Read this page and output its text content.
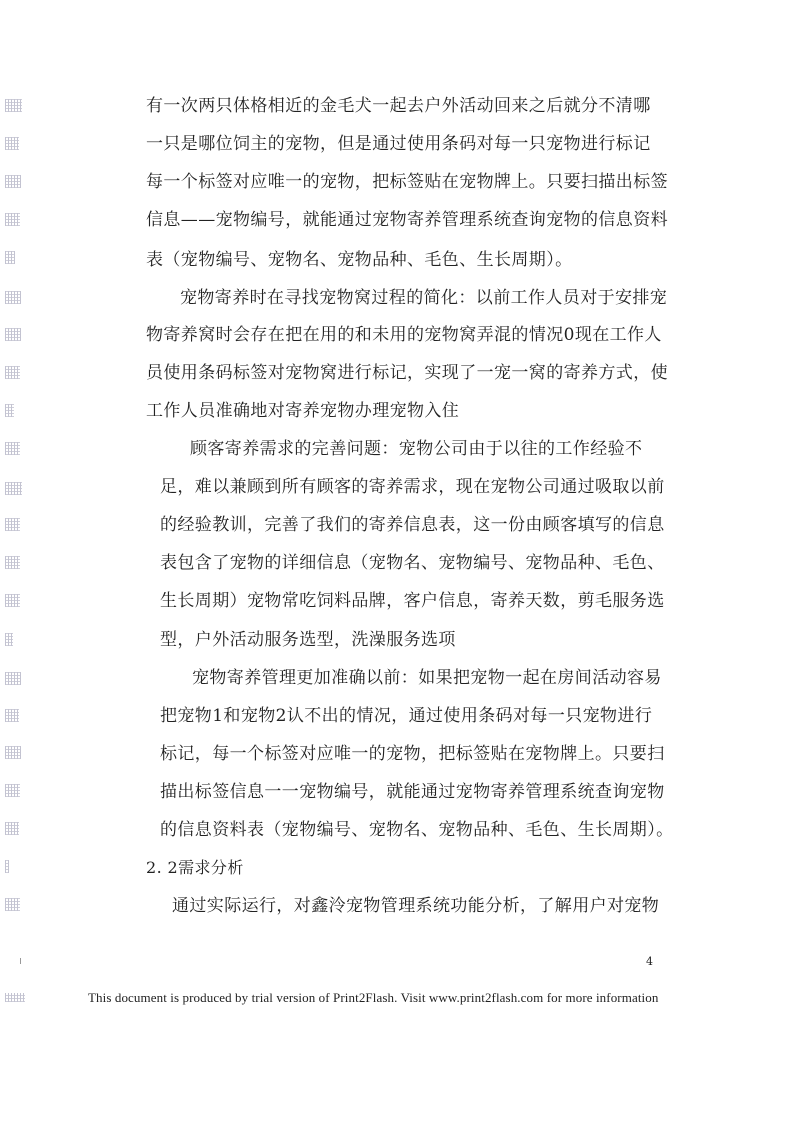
有一次两只体格相近的金毛犬一起去户外活动回来之后就分不清哪
一只是哪位饲主的宠物，但是通过使用条码对每一只宠物进行标记
每一个标签对应唯一的宠物，把标签贴在宠物牌上。只要扫描出标签
信息——宠物编号，就能通过宠物寄养管理系统查询宠物的信息资料
表（宠物编号、宠物名、宠物品种、毛色、生长周期）。
宠物寄养时在寻找宠物窝过程的简化：以前工作人员对于安排宠
物寄养窝时会存在把在用的和未用的宠物窝弄混的情况0现在工作人
员使用条码标签对宠物窝进行标记，实现了一宠一窝的寄养方式，使
工作人员准确地对寄养宠物办理宠物入住
顾客寄养需求的完善问题：宠物公司由于以往的工作经验不
足，难以兼顾到所有顾客的寄养需求，现在宠物公司通过吸取以前
的经验教训，完善了我们的寄养信息表，这一份由顾客填写的信息
表包含了宠物的详细信息（宠物名、宠物编号、宠物品种、毛色、
生长周期）宠物常吃饲料品牌，客户信息，寄养天数，剪毛服务选
型，户外活动服务选型，洗澡服务选项
宠物寄养管理更加准确以前：如果把宠物一起在房间活动容易
把宠物1和宠物2认不出的情况，通过使用条码对每一只宠物进行
标记，每一个标签对应唯一的宠物，把标签贴在宠物牌上。只要扫
描出标签信息一一宠物编号，就能通过宠物寄养管理系统查询宠物
的信息资料表（宠物编号、宠物名、宠物品种、毛色、生长周期）。
2. 2需求分析
通过实际运行，对鑫泠宠物管理系统功能分析，了解用户对宠物
4
This document is produced by trial version of Print2Flash. Visit www.print2flash.com for more information
